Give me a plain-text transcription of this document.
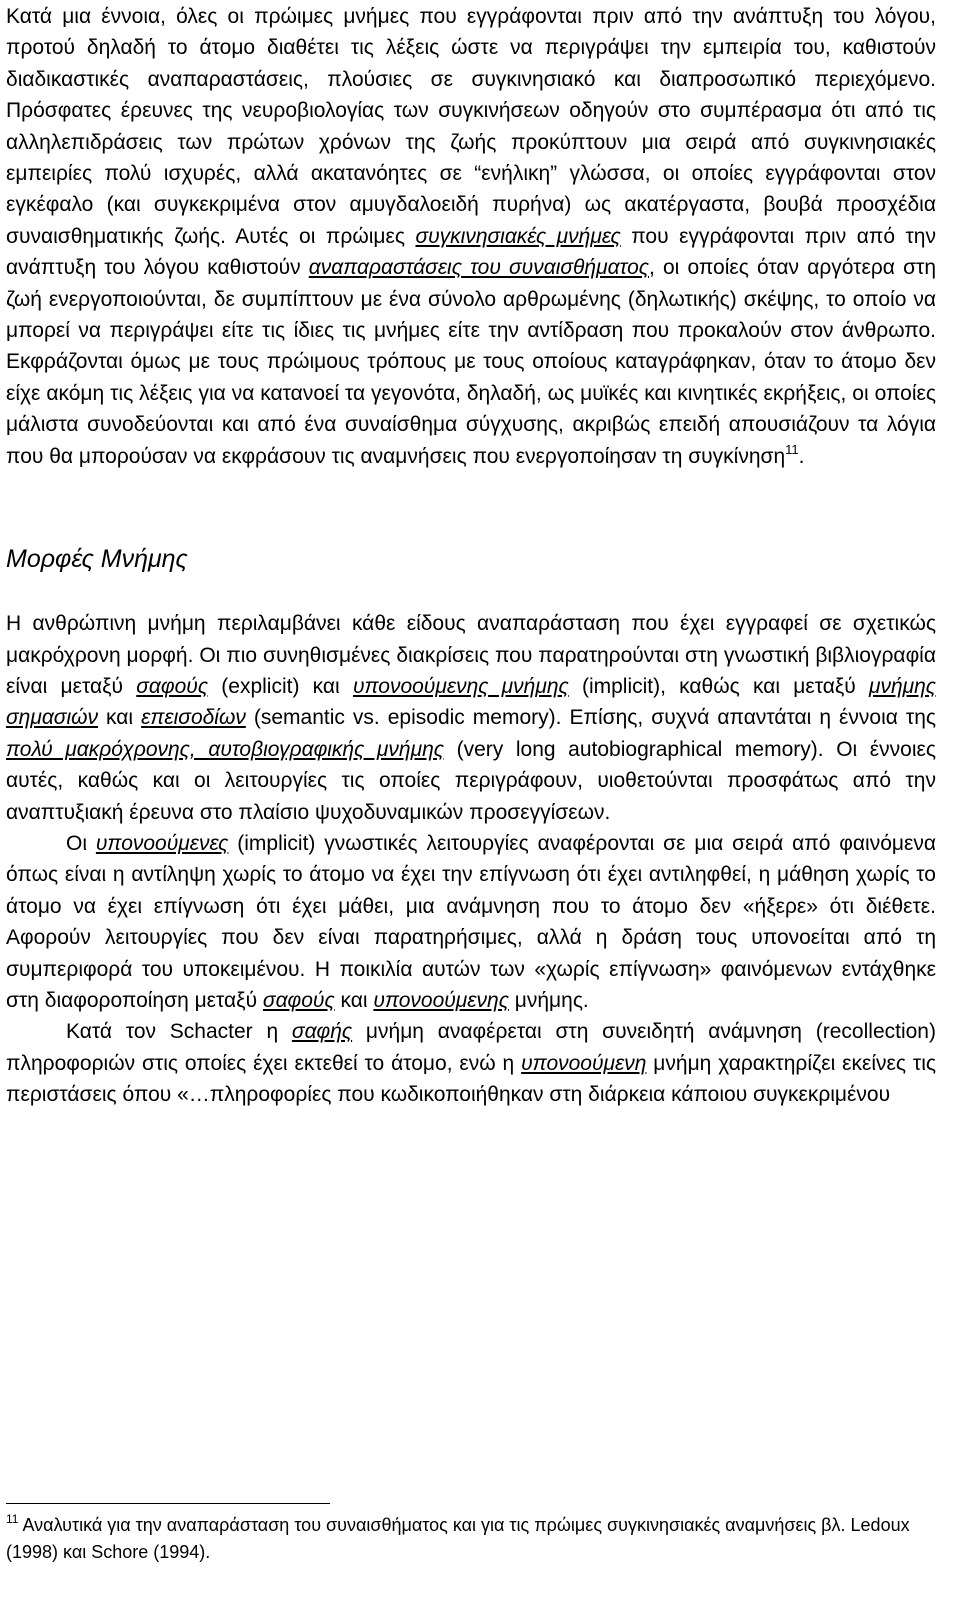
Κατά μια έννοια, όλες οι πρώιμες μνήμες που εγγράφονται πριν από την ανάπτυξη του λόγου, προτού δηλαδή το άτομο διαθέτει τις λέξεις ώστε να περιγράψει την εμπειρία του, καθιστούν διαδικαστικές αναπαραστάσεις, πλούσιες σε συγκινησιακό και διαπροσωπικό περιεχόμενο. Πρόσφατες έρευνες της νευροβιολογίας των συγκινήσεων οδηγούν στο συμπέρασμα ότι από τις αλληλεπιδράσεις των πρώτων χρόνων της ζωής προκύπτουν μια σειρά από συγκινησιακές εμπειρίες πολύ ισχυρές, αλλά ακατανόητες σε “ενήλικη” γλώσσα, οι οποίες εγγράφονται στον εγκέφαλο (και συγκεκριμένα στον αμυγδαλοειδή πυρήνα) ως ακατέργαστα, βουβά προσχέδια συναισθηματικής ζωής. Αυτές οι πρώιμες συγκινησιακές μνήμες που εγγράφονται πριν από την ανάπτυξη του λόγου καθιστούν αναπαραστάσεις του συναισθήματος, οι οποίες όταν αργότερα στη ζωή ενεργοποιούνται, δε συμπίπτουν με ένα σύνολο αρθρωμένης (δηλωτικής) σκέψης, το οποίο να μπορεί να περιγράψει είτε τις ίδιες τις μνήμες είτε την αντίδραση που προκαλούν στον άνθρωπο. Εκφράζονται όμως με τους πρώιμους τρόπους με τους οποίους καταγράφηκαν, όταν το άτομο δεν είχε ακόμη τις λέξεις για να κατανοεί τα γεγονότα, δηλαδή, ως μυϊκές και κινητικές εκρήξεις, οι οποίες μάλιστα συνοδεύονται και από ένα συναίσθημα σύγχυσης, ακριβώς επειδή απουσιάζουν τα λόγια που θα μπορούσαν να εκφράσουν τις αναμνήσεις που ενεργοποίησαν τη συγκίνηση$^{11}$.

Μορφές Μνήμης

Η ανθρώπινη μνήμη περιλαμβάνει κάθε είδους αναπαράσταση που έχει εγγραφεί σε σχετικώς μακρόχρονη μορφή. Οι πιο συνηθισμένες διακρίσεις που παρατηρούνται στη γνωστική βιβλιογραφία είναι μεταξύ σαφούς (explicit) και υπονοούμενης μνήμης (implicit), καθώς και μεταξύ μνήμης σημασιών και επεισοδίων (semantic vs. episodic memory). Επίσης, συχνά απαντάται η έννοια της πολύ μακρόχρονης, αυτοβιογραφικής μνήμης (very long autobiographical memory). Οι έννοιες αυτές, καθώς και οι λειτουργίες τις οποίες περιγράφουν, υιοθετούνται προσφάτως από την αναπτυξιακή έρευνα στο πλαίσιο ψυχοδυναμικών προσεγγίσεων.

Οι υπονοούμενες (implicit) γνωστικές λειτουργίες αναφέρονται σε μια σειρά από φαινόμενα όπως είναι η αντίληψη χωρίς το άτομο να έχει την επίγνωση ότι έχει αντιληφθεί, η μάθηση χωρίς το άτομο να έχει επίγνωση ότι έχει μάθει, μια ανάμνηση που το άτομο δεν «ήξερε» ότι διέθετε. Αφορούν λειτουργίες που δεν είναι παρατηρήσιμες, αλλά η δράση τους υπονοείται από τη συμπεριφορά του υποκειμένου. Η ποικιλία αυτών των «χωρίς επίγνωση» φαινόμενων εντάχθηκε στη διαφοροποίηση μεταξύ σαφούς και υπονοούμενης μνήμης.

Κατά τον Schacter η σαφής μνήμη αναφέρεται στη συνειδητή ανάμνηση (recollection) πληροφοριών στις οποίες έχει εκτεθεί το άτομο, ενώ η υπονοούμενη μνήμη χαρακτηρίζει εκείνες τις περιστάσεις όπου «…πληροφορίες που κωδικοποιήθηκαν στη διάρκεια κάποιου συγκεκριμένου

$^{11}$ Αναλυτικά για την αναπαράσταση του συναισθήματος και για τις πρώιμες συγκινησιακές αναμνήσεις βλ. Ledoux (1998) και Schore (1994).
